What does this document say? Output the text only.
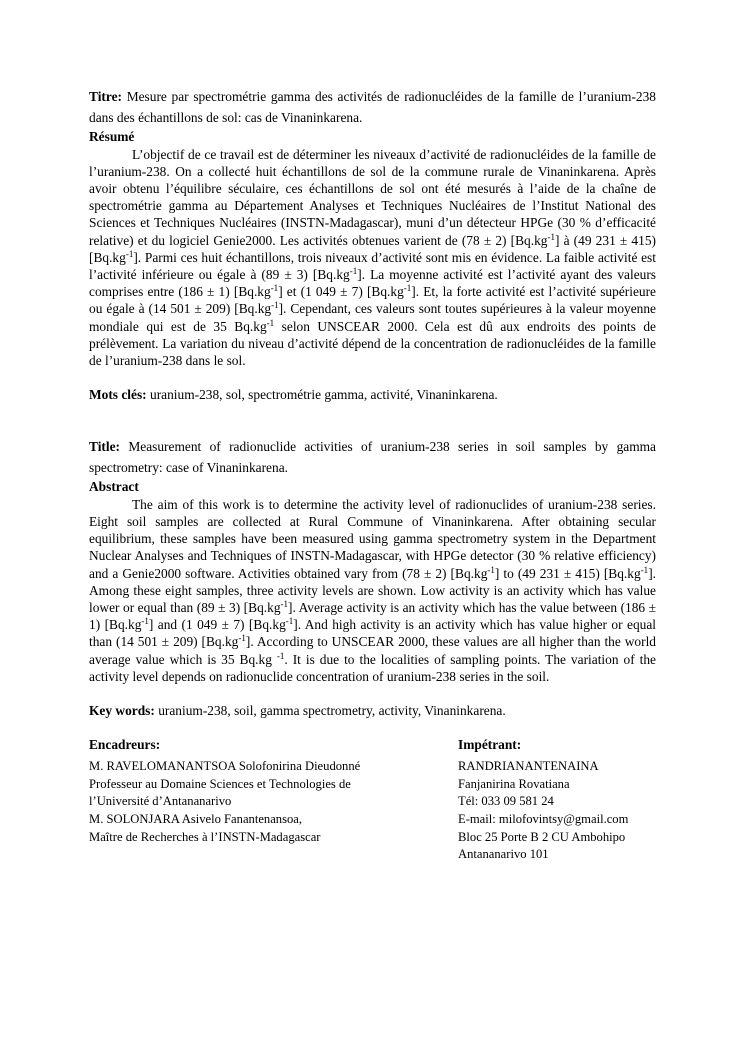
Titre: Mesure par spectrométrie gamma des activités de radionucléides de la famille de l’uranium-238 dans des échantillons de sol: cas de Vinaninkarena.

Résumé

L’objectif de ce travail est de déterminer les niveaux d’activité de radionucléides de la famille de l’uranium-238. On a collecté huit échantillons de sol de la commune rurale de Vinaninkarena. Après avoir obtenu l’équilibre séculaire, ces échantillons de sol ont été mesurés à l’aide de la chaîne de spectrométrie gamma au Département Analyses et Techniques Nucléaires de l’Institut National des Sciences et Techniques Nucléaires (INSTN-Madagascar), muni d’un détecteur HPGe (30 % d’efficacité relative) et du logiciel Genie2000. Les activités obtenues varient de (78 ± 2) $[Bq.kg^{-1}]$ à (49 231 ± 415) $[Bq.kg^{-1}]$. Parmi ces huit échantillons, trois niveaux d’activité sont mis en évidence. La faible activité est l’activité inférieure ou égale à (89 ± 3) $[Bq.kg^{-1}]$. La moyenne activité est l’activité ayant des valeurs comprises entre (186 ± 1) $[Bq.kg^{-1}]$ et (1 049 ± 7) $[Bq.kg^{-1}]$. Et, la forte activité est l’activité supérieure ou égale à (14 501 ± 209) $[Bq.kg^{-1}]$. Cependant, ces valeurs sont toutes supérieures à la valeur moyenne mondiale qui est de 35 $Bq.kg^{-1}$ selon UNSCEAR 2000. Cela est dû aux endroits des points de prélèvement. La variation du niveau d’activité dépend de la concentration de radionucléides de la famille de l’uranium-238 dans le sol.

Mots clés: uranium-238, sol, spectrométrie gamma, activité, Vinaninkarena.

Title: Measurement of radionuclide activities of uranium-238 series in soil samples by gamma spectrometry: case of Vinaninkarena.

Abstract

The aim of this work is to determine the activity level of radionuclides of uranium-238 series. Eight soil samples are collected at Rural Commune of Vinaninkarena. After obtaining secular equilibrium, these samples have been measured using gamma spectrometry system in the Department Nuclear Analyses and Techniques of INSTN-Madagascar, with HPGe detector (30 % relative efficiency) and a Genie2000 software. Activities obtained vary from (78 ± 2) $[Bq.kg^{-1}]$ to (49 231 ± 415) $[Bq.kg^{-1}]$. Among these eight samples, three activity levels are shown. Low activity is an activity which has value lower or equal than (89 ± 3) $[Bq.kg^{-1}]$. Average activity is an activity which has the value between (186 ± 1) $[Bq.kg^{-1}]$ and (1 049 ± 7) $[Bq.kg^{-1}]$. And high activity is an activity which has value higher or equal than (14 501 ± 209) $[Bq.kg^{-1}]$. According to UNSCEAR 2000, these values are all higher than the world average value which is 35 Bq.kg $^{-1}$. It is due to the localities of sampling points. The variation of the activity level depends on radionuclide concentration of uranium-238 series in the soil.

Key words: uranium-238, soil, gamma spectrometry, activity, Vinaninkarena.

Encadreurs:

M. RAVELOMANANTSOA Solofonirina Dieudonné

Professeur au Domaine Sciences et Technologies de

l’Université d’Antananarivo

M. SOLONJARA Asivelo Fanantenansoa,

Maître de Recherches à l’INSTN-Madagascar

Impétrant:

RANDRIANANTENAINA

Fanjanirina Rovatiana

Tél: 033 09 581 24

E-mail: milofovintsy@gmail.com

Bloc 25 Porte B 2 CU Ambohipo

Antananarivo 101
